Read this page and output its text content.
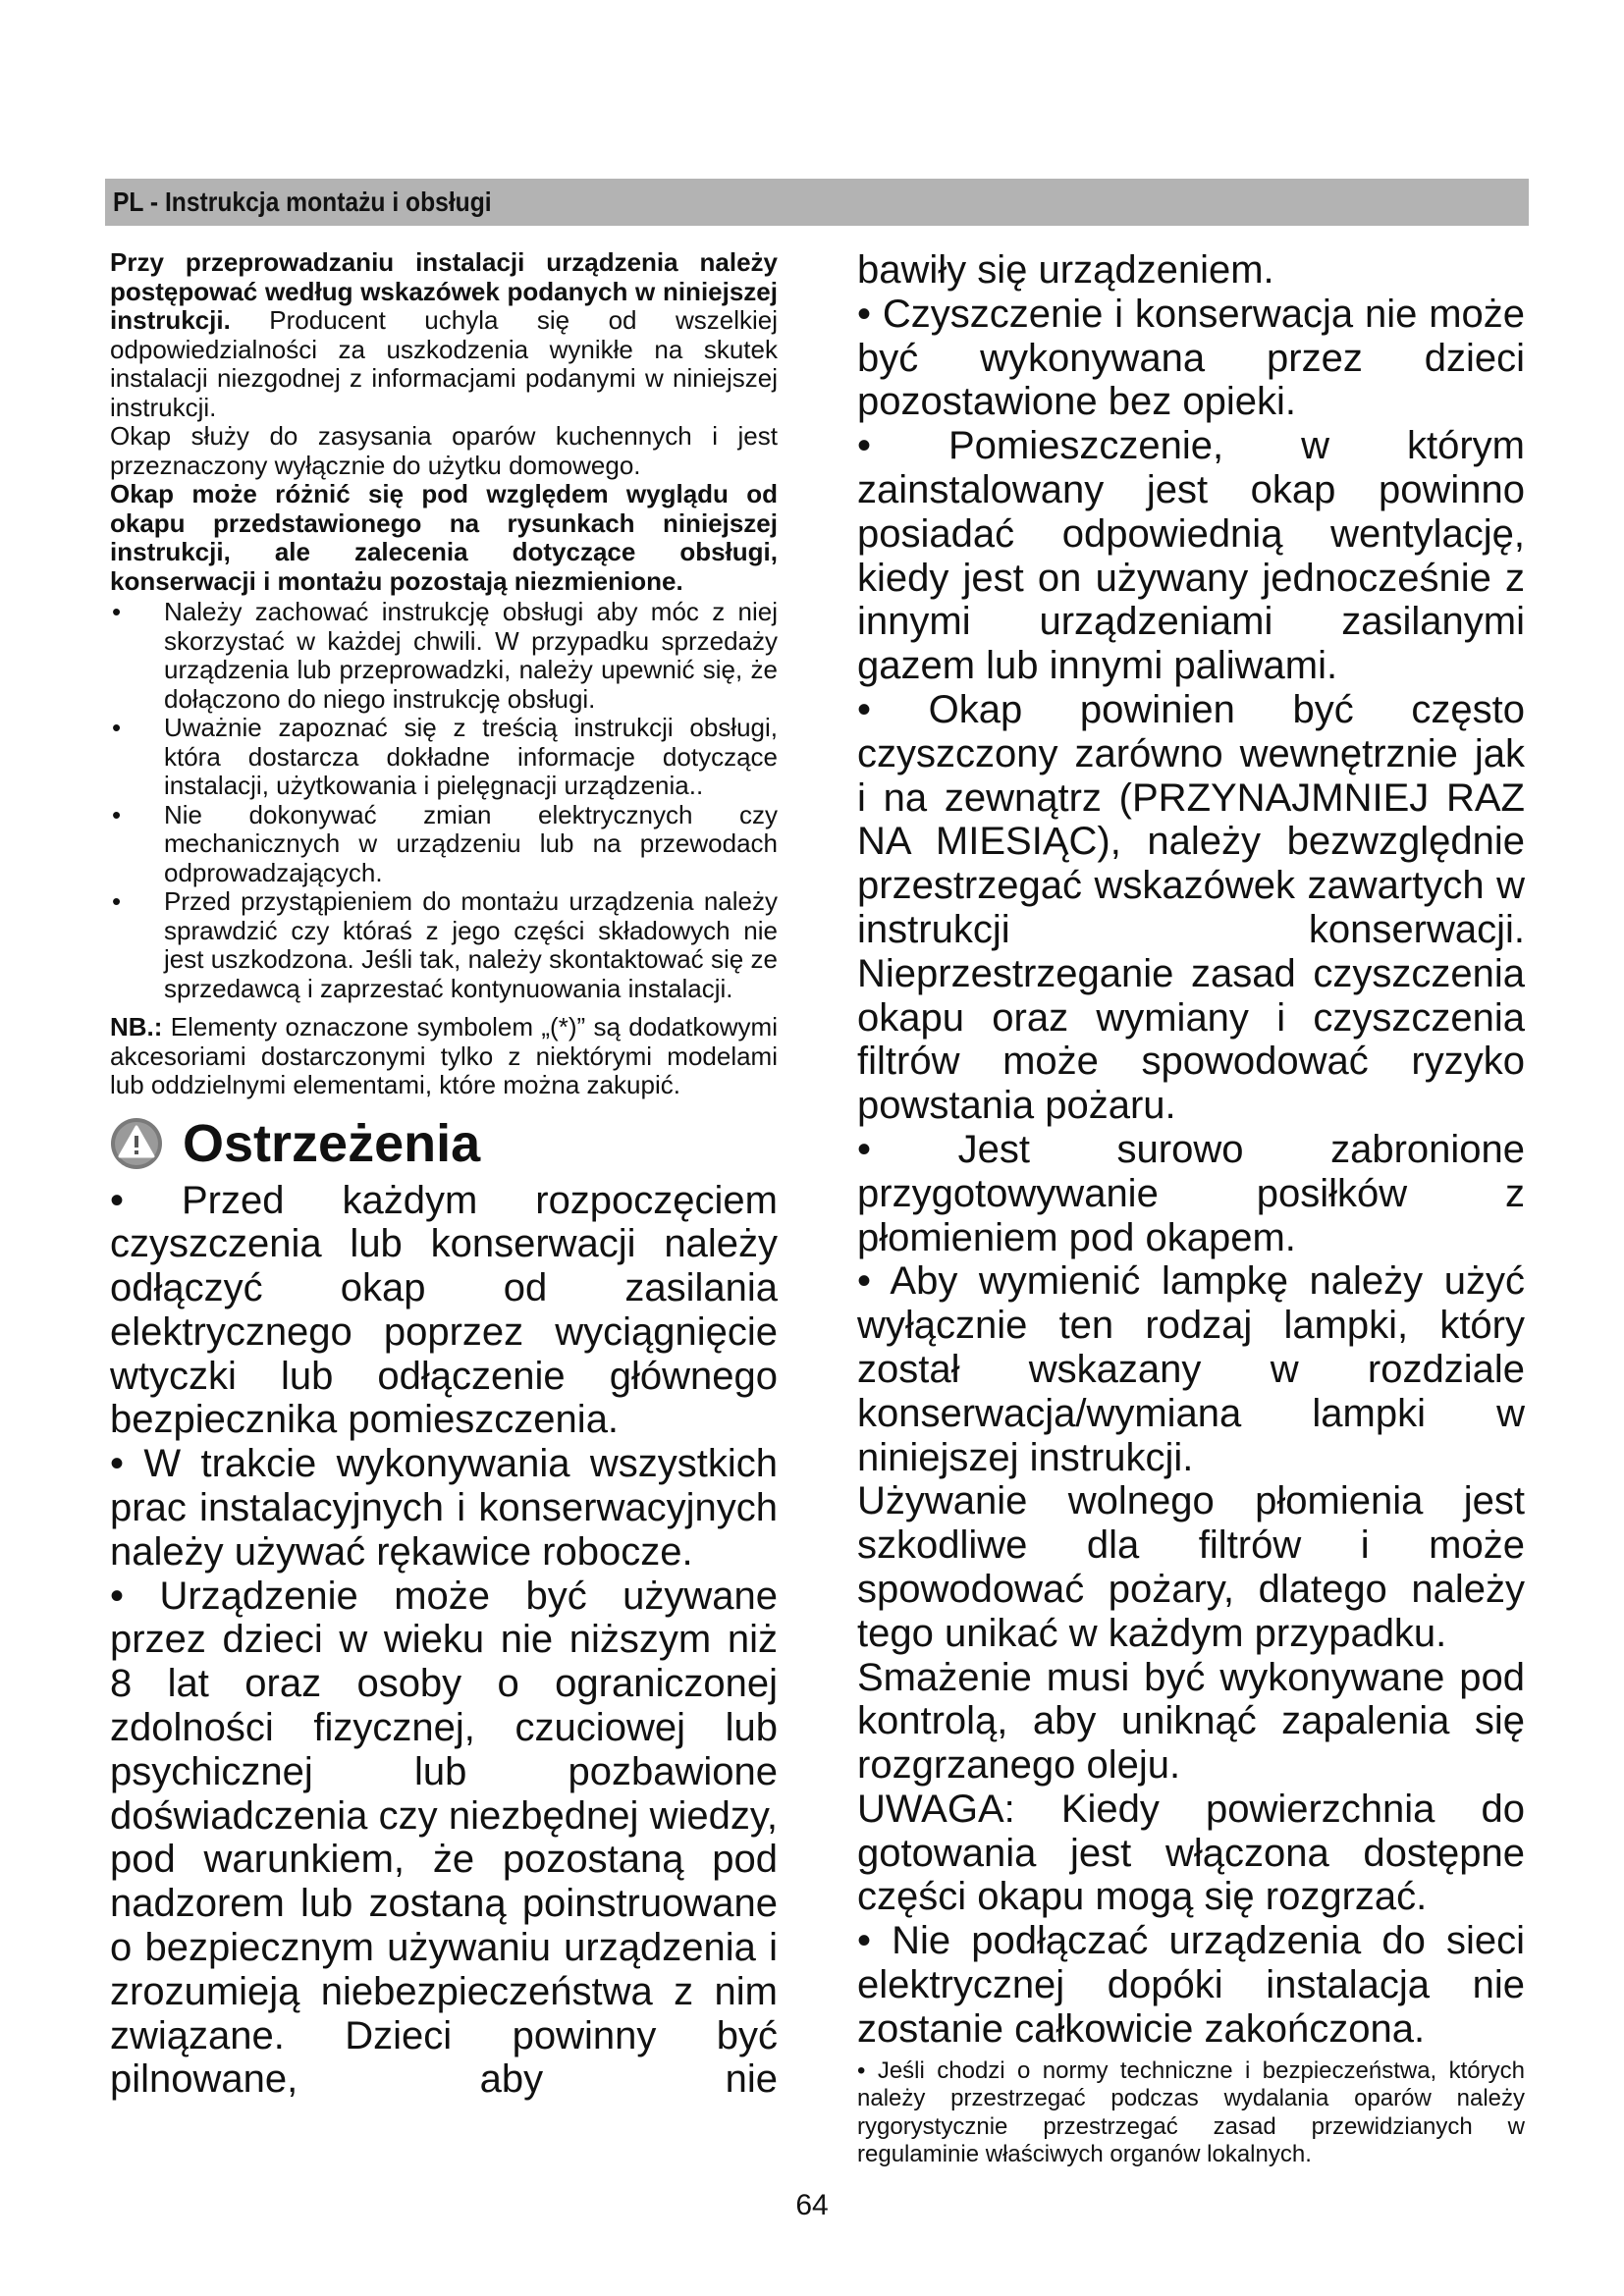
PL - Instrukcja montażu i obsługi

Przy przeprowadzaniu instalacji urządzenia należy postępować według wskazówek podanych w niniejszej instrukcji. Producent uchyla się od wszelkiej odpowiedzialności za uszkodzenia wynikłe na skutek instalacji niezgodnej z informacjami podanymi w niniejszej instrukcji.

Okap służy do zasysania oparów kuchennych i jest przeznaczony wyłącznie do użytku domowego.

Okap może różnić się pod względem wyglądu od okapu przedstawionego na rysunkach niniejszej instrukcji, ale zalecenia dotyczące obsługi, konserwacji i montażu pozostają niezmienione.

• Należy zachować instrukcję obsługi aby móc z niej skorzystać w każdej chwili. W przypadku sprzedaży urządzenia lub przeprowadzki, należy upewnić się, że dołączono do niego instrukcję obsługi.
• Uważnie zapoznać się z treścią instrukcji obsługi, która dostarcza dokładne informacje dotyczące instalacji, użytkowania i pielęgnacji urządzenia..
• Nie dokonywać zmian elektrycznych czy mechanicznych w urządzeniu lub na przewodach odprowadzających.
• Przed przystąpieniem do montażu urządzenia należy sprawdzić czy któraś z jego części składowych nie jest uszkodzona. Jeśli tak, należy skontaktować się ze sprzedawcą i zaprzestać kontynuowania instalacji.

NB.: Elementy oznaczone symbolem „(*)” są dodatkowymi akcesoriami dostarczonymi tylko z niektórymi modelami lub oddzielnymi elementami, które można zakupić.

Ostrzeżenia

• Przed każdym rozpoczęciem czyszczenia lub konserwacji należy odłączyć okap od zasilania elektrycznego poprzez wyciągnięcie wtyczki lub odłączenie głównego bezpiecznika pomieszczenia.

• W trakcie wykonywania wszystkich prac instalacyjnych i konserwacyjnych należy używać rękawice robocze.

• Urządzenie może być używane przez dzieci w wieku nie niższym niż 8 lat oraz osoby o ograniczonej zdolności fizycznej, czuciowej lub psychicznej lub pozbawione doświadczenia czy niezbędnej wiedzy, pod warunkiem, że pozostaną pod nadzorem lub zostaną poinstruowane o bezpiecznym używaniu urządzenia i zrozumieją niebezpieczeństwa z nim związane. Dzieci powinny być pilnowane, aby nie

bawiły się urządzeniem.

• Czyszczenie i konserwacja nie może być wykonywana przez dzieci pozostawione bez opieki.

• Pomieszczenie, w którym zainstalowany jest okap powinno posiadać odpowiednią wentylację, kiedy jest on używany jednocześnie z innymi urządzeniami zasilanymi gazem lub innymi paliwami.

• Okap powinien być często czyszczony zarówno wewnętrznie jak i na zewnątrz (PRZYNAJMNIEJ RAZ NA MIESIĄC), należy bezwzględnie przestrzegać wskazówek zawartych w instrukcji konserwacji. Nieprzestrzeganie zasad czyszczenia okapu oraz wymiany i czyszczenia filtrów może spowodować ryzyko powstania pożaru.

• Jest surowo zabronione przygotowywanie posiłków z płomieniem pod okapem.

• Aby wymienić lampkę należy użyć wyłącznie ten rodzaj lampki, który został wskazany w rozdziale konserwacja/wymiana lampki w niniejszej instrukcji.

Używanie wolnego płomienia jest szkodliwe dla filtrów i może spowodować pożary, dlatego należy tego unikać w każdym przypadku.

Smażenie musi być wykonywane pod kontrolą, aby uniknąć zapalenia się rozgrzanego oleju.

UWAGA: Kiedy powierzchnia do gotowania jest włączona dostępne części okapu mogą się rozgrzać.

• Nie podłączać urządzenia do sieci elektrycznej dopóki instalacja nie zostanie całkowicie zakończona.

• Jeśli chodzi o normy techniczne i bezpieczeństwa, których należy przestrzegać podczas wydalania oparów należy rygorystycznie przestrzegać zasad przewidzianych w regulaminie właściwych organów lokalnych.

64
